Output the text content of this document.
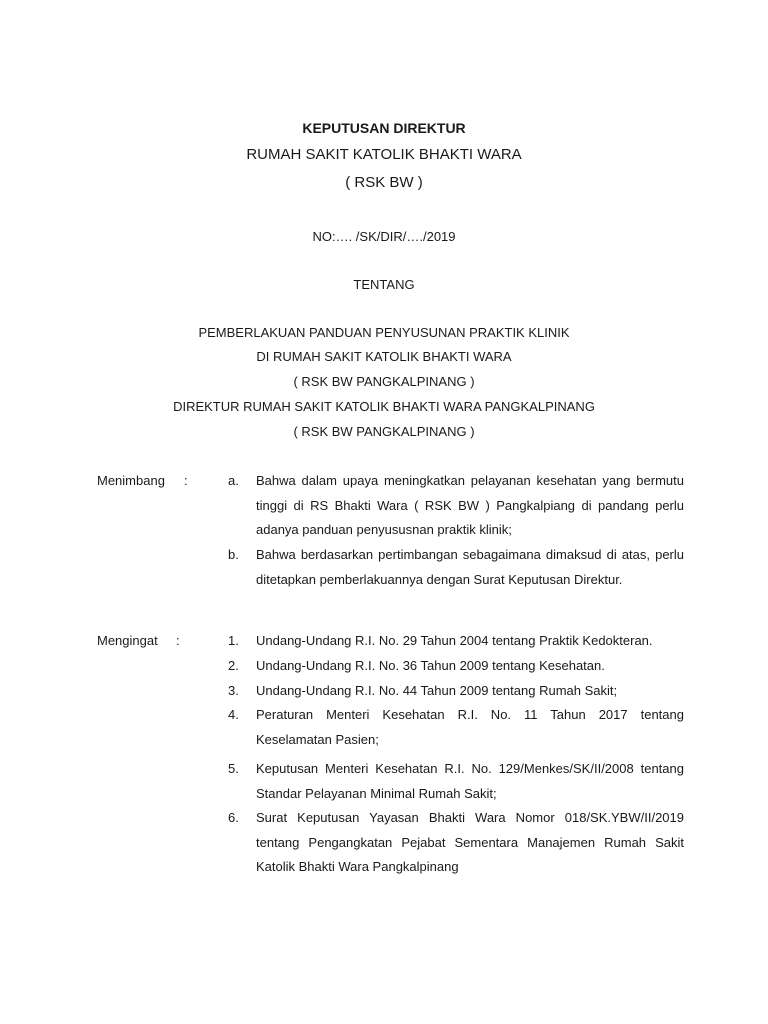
KEPUTUSAN DIREKTUR
RUMAH SAKIT KATOLIK BHAKTI WARA
( RSK BW )
NO:…. /SK/DIR/…./2019
TENTANG
PEMBERLAKUAN PANDUAN PENYUSUNAN PRAKTIK KLINIK
DI RUMAH SAKIT KATOLIK BHAKTI WARA
( RSK BW PANGKALPINANG )
DIREKTUR RUMAH SAKIT KATOLIK BHAKTI WARA PANGKALPINANG
( RSK BW PANGKALPINANG )
Menimbang :	a. Bahwa dalam upaya meningkatkan pelayanan kesehatan yang bermutu tinggi di RS Bhakti Wara ( RSK BW ) Pangkalpiang di pandang perlu adanya panduan penyususnan praktik klinik;
b. Bahwa berdasarkan pertimbangan sebagaimana dimaksud di atas, perlu ditetapkan pemberlakuannya dengan Surat Keputusan Direktur.
Mengingat :	1. Undang-Undang R.I. No. 29 Tahun 2004 tentang Praktik Kedokteran.
2. Undang-Undang R.I. No. 36 Tahun 2009 tentang Kesehatan.
3. Undang-Undang R.I. No. 44 Tahun 2009 tentang Rumah Sakit;
4. Peraturan Menteri Kesehatan R.I. No. 11 Tahun 2017 tentang Keselamatan Pasien;
5. Keputusan Menteri Kesehatan R.I. No. 129/Menkes/SK/II/2008 tentang Standar Pelayanan Minimal Rumah Sakit;
6. Surat Keputusan Yayasan Bhakti Wara Nomor 018/SK.YBW/II/2019 tentang Pengangkatan Pejabat Sementara Manajemen Rumah Sakit Katolik Bhakti Wara Pangkalpinang
